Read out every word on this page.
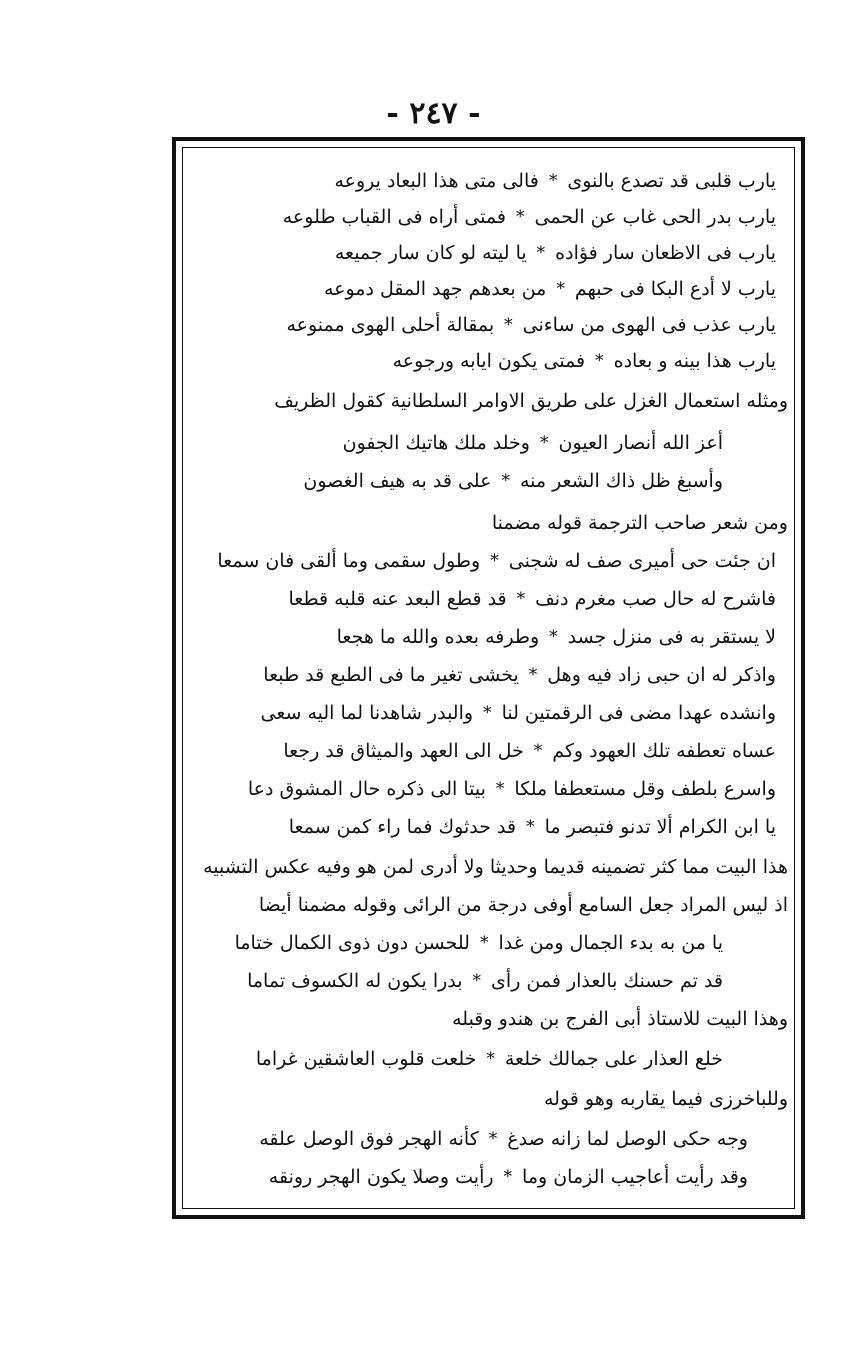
- ٢٤٧ -
يارب قلبى قد تصدع بالنوى
*
فالى متى هذا البعاد يروعه
يارب بدر الحى غاب عن الحمى
*
فمتى أراه فى القباب طلوعه
يارب فى الاظعان سار فؤاده
*
يا ليته لو كان سار جميعه
يارب لا أدع البكا فى حبهم
*
من بعدهم جهد المقل دموعه
يارب عذب فى الهوى من ساءنى
*
بمقالة أحلى الهوى ممنوعه
يارب هذا بينه و بعاده
*
فمتى يكون ايابه ورجوعه
ومثله استعمال الغزل على طريق الاوامر السلطانية كقول الظريف
أعز الله أنصار العيون
*
وخلد ملك هاتيك الجفون
وأسبغ ظل ذاك الشعر منه
*
على قد به هيف الغصون
ومن شعر صاحب الترجمة قوله مضمنا
ان جئت حى أميرى صف له شجنى
*
وطول سقمى وما ألقى فان سمعا
فاشرح له حال صب مغرم دنف
*
قد قطع البعد عنه قلبه قطعا
لا يستقر به فى منزل جسد
*
وطرفه بعده والله ما هجعا
واذكر له ان حبى زاد فيه وهل
*
يخشى تغير ما فى الطبع قد طبعا
وانشده عهدا مضى فى الرقمتين لنا
*
والبدر شاهدنا لما اليه سعى
عساه تعطفه تلك العهود وكم
*
خل الى العهد والميثاق قد رجعا
واسرع بلطف وقل مستعطفا ملكا
*
بيتا الى ذكره حال المشوق دعا
يا ابن الكرام ألا تدنو فتبصر ما
*
قد حدثوك فما راء كمن سمعا
هذا البيت مما كثر تضمينه قديما وحديثا ولا أدرى لمن هو وفيه عكس التشبيه
اذ ليس المراد جعل السامع أوفى درجة من الرائى وقوله مضمنا أيضا
يا من به بدء الجمال ومن غدا
*
للحسن دون ذوى الكمال ختاما
قد تم حسنك بالعذار فمن رأى
*
بدرا يكون له الكسوف تماما
وهذا البيت للاستاذ أبى الفرج بن هندو وقبله
خلع العذار على جمالك خلعة
*
خلعت قلوب العاشقين غراما
وللباخرزى فيما يقاربه وهو قوله
وجه حكى الوصل لما زانه صدغ
*
كأنه الهجر فوق الوصل علقه
وقد رأيت أعاجيب الزمان وما
*
رأيت وصلا يكون الهجر رونقه
